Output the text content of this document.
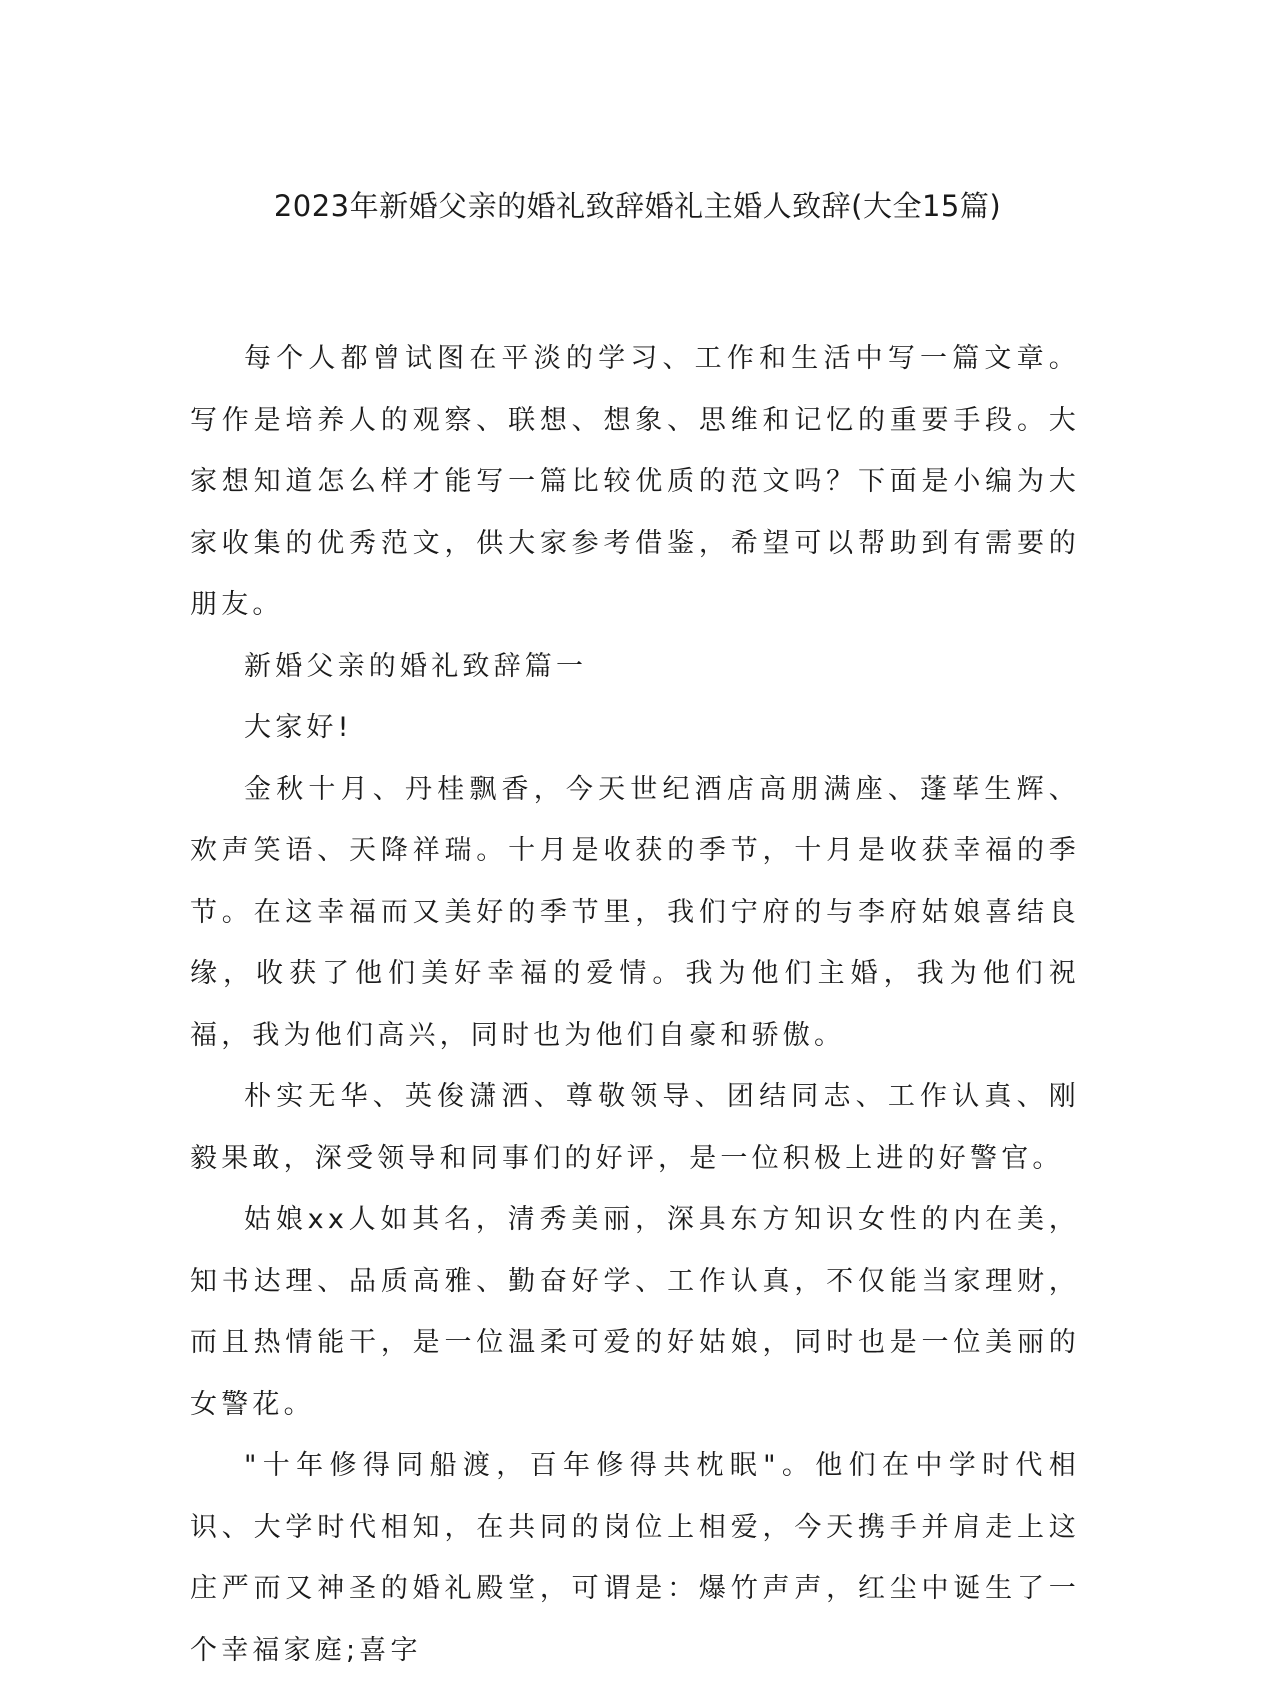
2023年新婚父亲的婚礼致辞婚礼主婚人致辞(大全15篇)

每个人都曾试图在平淡的学习、工作和生活中写一篇文章。写作是培养人的观察、联想、想象、思维和记忆的重要手段。大家想知道怎么样才能写一篇比较优质的范文吗？下面是小编为大家收集的优秀范文，供大家参考借鉴，希望可以帮助到有需要的朋友。

新婚父亲的婚礼致辞篇一

大家好!

金秋十月、丹桂飘香，今天世纪酒店高朋满座、蓬荜生辉、欢声笑语、天降祥瑞。十月是收获的季节，十月是收获幸福的季节。在这幸福而又美好的季节里，我们宁府的与李府姑娘喜结良缘，收获了他们美好幸福的爱情。我为他们主婚，我为他们祝福，我为他们高兴，同时也为他们自豪和骄傲。

朴实无华、英俊潇洒、尊敬领导、团结同志、工作认真、刚毅果敢，深受领导和同事们的好评，是一位积极上进的好警官。

姑娘xx人如其名，清秀美丽，深具东方知识女性的内在美，知书达理、品质高雅、勤奋好学、工作认真，不仅能当家理财，而且热情能干，是一位温柔可爱的好姑娘，同时也是一位美丽的女警花。

"十年修得同船渡，百年修得共枕眠"。他们在中学时代相识、大学时代相知，在共同的岗位上相爱，今天携手并肩走上这庄严而又神圣的婚礼殿堂，可谓是：爆竹声声，红尘中诞生了一个幸福家庭;喜字
